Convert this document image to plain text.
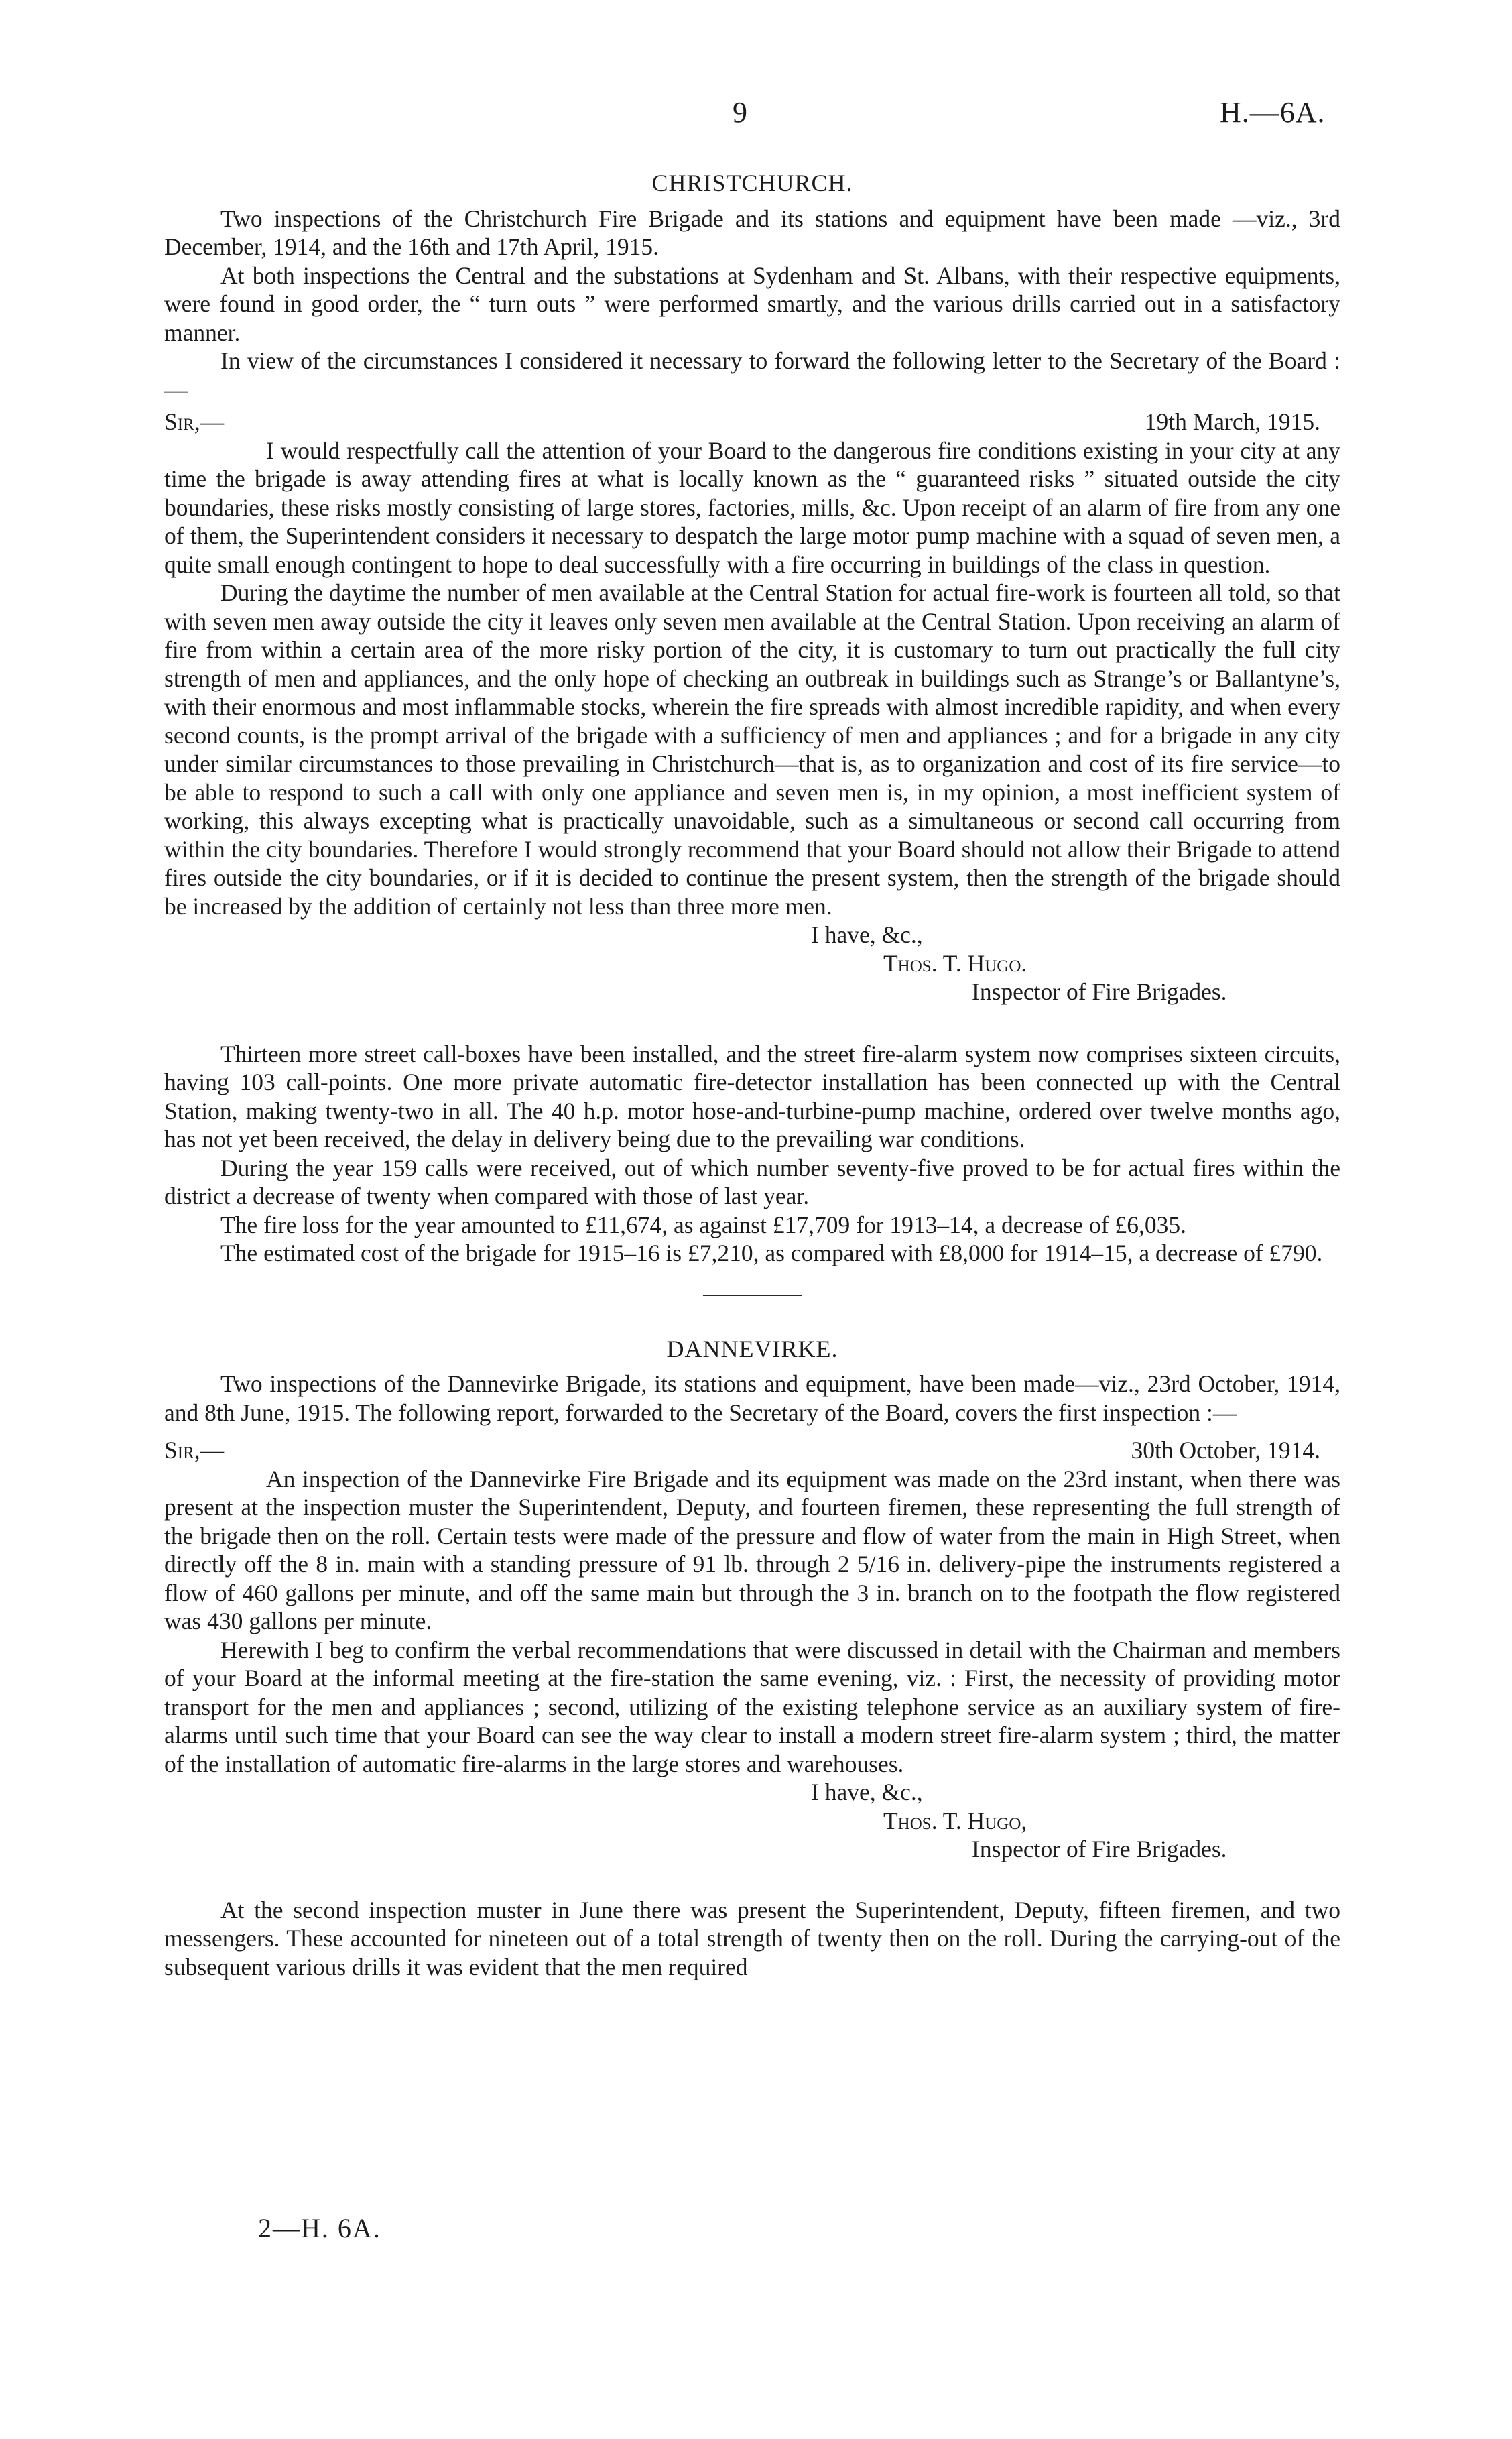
9	H.—6A.
CHRISTCHURCH.

Two inspections of the Christchurch Fire Brigade and its stations and equipment have been made —viz., 3rd December, 1914, and the 16th and 17th April, 1915.

At both inspections the Central and the substations at Sydenham and St. Albans, with their respective equipments, were found in good order, the “ turn outs ” were performed smartly, and the various drills carried out in a satisfactory manner.

In view of the circumstances I considered it necessary to forward the following letter to the Secretary of the Board :—

Sir,—	19th March, 1915.

I would respectfully call the attention of your Board to the dangerous fire conditions existing in your city at any time the brigade is away attending fires at what is locally known as the “ guaranteed risks ” situated outside the city boundaries, these risks mostly consisting of large stores, factories, mills, &c. Upon receipt of an alarm of fire from any one of them, the Superintendent considers it necessary to despatch the large motor pump machine with a squad of seven men, a quite small enough contingent to hope to deal successfully with a fire occurring in buildings of the class in question.

During the daytime the number of men available at the Central Station for actual fire-work is fourteen all told, so that with seven men away outside the city it leaves only seven men available at the Central Station. Upon receiving an alarm of fire from within a certain area of the more risky portion of the city, it is customary to turn out practically the full city strength of men and appliances, and the only hope of checking an outbreak in buildings such as Strange’s or Ballantyne’s, with their enormous and most inflammable stocks, wherein the fire spreads with almost incredible rapidity, and when every second counts, is the prompt arrival of the brigade with a sufficiency of men and appliances ; and for a brigade in any city under similar circumstances to those prevailing in Christchurch—that is, as to organization and cost of its fire service—to be able to respond to such a call with only one appliance and seven men is, in my opinion, a most inefficient system of working, this always excepting what is practically unavoidable, such as a simultaneous or second call occurring from within the city boundaries. Therefore I would strongly recommend that your Board should not allow their Brigade to attend fires outside the city boundaries, or if it is decided to continue the present system, then the strength of the brigade should be increased by the addition of certainly not less than three more men.

I have, &c.,
Thos. T. Hugo.
Inspector of Fire Brigades.

Thirteen more street call-boxes have been installed, and the street fire-alarm system now comprises sixteen circuits, having 103 call-points. One more private automatic fire-detector installation has been connected up with the Central Station, making twenty-two in all. The 40 h.p. motor hose-and-turbine-pump machine, ordered over twelve months ago, has not yet been received, the delay in delivery being due to the prevailing war conditions.

During the year 159 calls were received, out of which number seventy-five proved to be for actual fires within the district a decrease of twenty when compared with those of last year.

The fire loss for the year amounted to £11,674, as against £17,709 for 1913–14, a decrease of £6,035.

The estimated cost of the brigade for 1915–16 is £7,210, as compared with £8,000 for 1914–15, a decrease of £790.

DANNEVIRKE.

Two inspections of the Dannevirke Brigade, its stations and equipment, have been made—viz., 23rd October, 1914, and 8th June, 1915. The following report, forwarded to the Secretary of the Board, covers the first inspection :—

Sir,—	30th October, 1914.

An inspection of the Dannevirke Fire Brigade and its equipment was made on the 23rd instant, when there was present at the inspection muster the Superintendent, Deputy, and fourteen firemen, these representing the full strength of the brigade then on the roll. Certain tests were made of the pressure and flow of water from the main in High Street, when directly off the 8 in. main with a standing pressure of 91 lb. through 2 5/16 in. delivery-pipe the instruments registered a flow of 460 gallons per minute, and off the same main but through the 3 in. branch on to the footpath the flow registered was 430 gallons per minute.

Herewith I beg to confirm the verbal recommendations that were discussed in detail with the Chairman and members of your Board at the informal meeting at the fire-station the same evening, viz. : First, the necessity of providing motor transport for the men and appliances ; second, utilizing of the existing telephone service as an auxiliary system of fire-alarms until such time that your Board can see the way clear to install a modern street fire-alarm system ; third, the matter of the installation of automatic fire-alarms in the large stores and warehouses.

I have, &c.,
Thos. T. Hugo,
Inspector of Fire Brigades.

At the second inspection muster in June there was present the Superintendent, Deputy, fifteen firemen, and two messengers. These accounted for nineteen out of a total strength of twenty then on the roll. During the carrying-out of the subsequent various drills it was evident that the men required

2—H. 6A.
